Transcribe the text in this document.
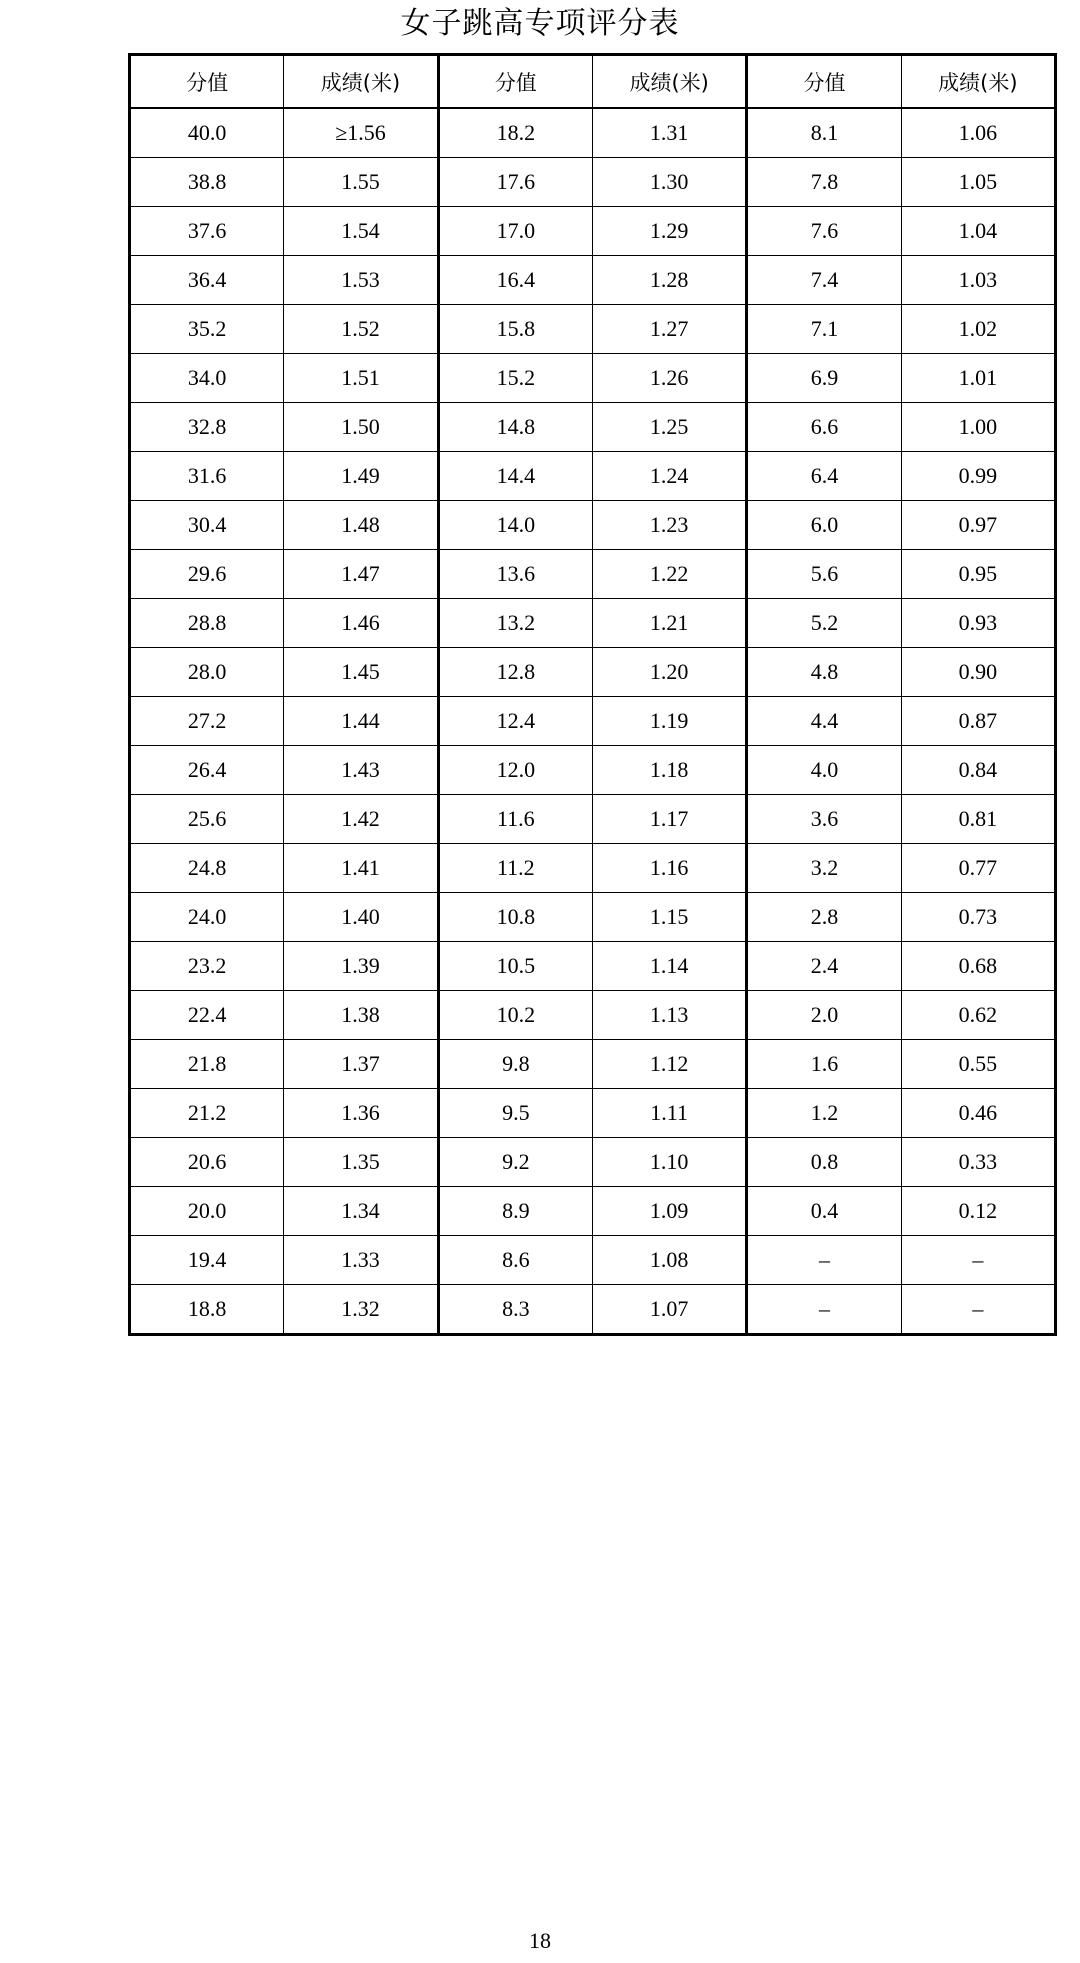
女子跳高专项评分表
分值	成绩(米)	分值	成绩(米)	分值	成绩(米)
40.0	≥1.56	18.2	1.31	8.1	1.06
38.8	1.55	17.6	1.30	7.8	1.05
37.6	1.54	17.0	1.29	7.6	1.04
36.4	1.53	16.4	1.28	7.4	1.03
35.2	1.52	15.8	1.27	7.1	1.02
34.0	1.51	15.2	1.26	6.9	1.01
32.8	1.50	14.8	1.25	6.6	1.00
31.6	1.49	14.4	1.24	6.4	0.99
30.4	1.48	14.0	1.23	6.0	0.97
29.6	1.47	13.6	1.22	5.6	0.95
28.8	1.46	13.2	1.21	5.2	0.93
28.0	1.45	12.8	1.20	4.8	0.90
27.2	1.44	12.4	1.19	4.4	0.87
26.4	1.43	12.0	1.18	4.0	0.84
25.6	1.42	11.6	1.17	3.6	0.81
24.8	1.41	11.2	1.16	3.2	0.77
24.0	1.40	10.8	1.15	2.8	0.73
23.2	1.39	10.5	1.14	2.4	0.68
22.4	1.38	10.2	1.13	2.0	0.62
21.8	1.37	9.8	1.12	1.6	0.55
21.2	1.36	9.5	1.11	1.2	0.46
20.6	1.35	9.2	1.10	0.8	0.33
20.0	1.34	8.9	1.09	0.4	0.12
19.4	1.33	8.6	1.08	–	–
18.8	1.32	8.3	1.07	–	–
18
